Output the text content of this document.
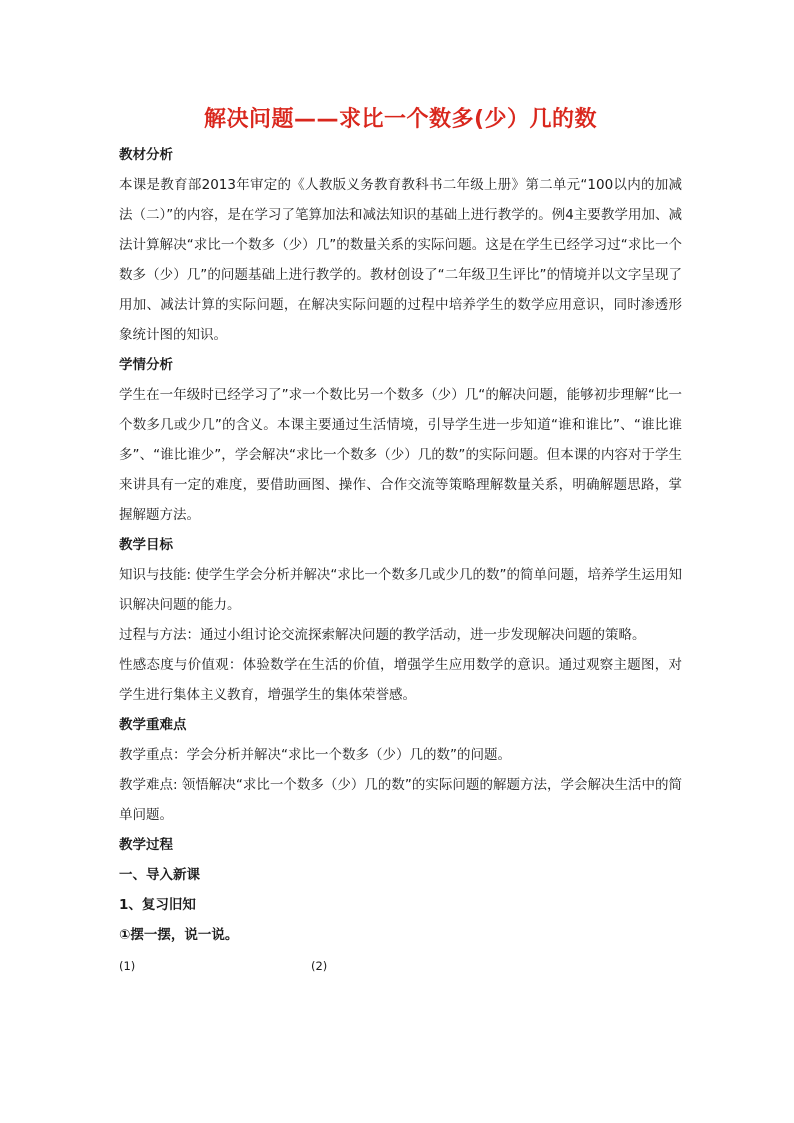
解决问题——求比一个数多(少）几的数

教材分析

本课是教育部2013年审定的《人教版义务教育教科书二年级上册》第二单元“100以内的加减法（二）”的内容，是在学习了笔算加法和减法知识的基础上进行教学的。例4主要教学用加、减法计算解决“求比一个数多（少）几”的数量关系的实际问题。这是在学生已经学习过“求比一个数多（少）几”的问题基础上进行教学的。教材创设了“二年级卫生评比”的情境并以文字呈现了用加、减法计算的实际问题，在解决实际问题的过程中培养学生的数学应用意识，同时渗透形象统计图的知识。

学情分析

学生在一年级时已经学习了”求一个数比另一个数多（少）几“的解决问题，能够初步理解“比一个数多几或少几”的含义。本课主要通过生活情境，引导学生进一步知道“谁和谁比”、“谁比谁多”、“谁比谁少”，学会解决“求比一个数多（少）几的数”的实际问题。但本课的内容对于学生来讲具有一定的难度，要借助画图、操作、合作交流等策略理解数量关系，明确解题思路，掌握解题方法。

教学目标

知识与技能: 使学生学会分析并解决“求比一个数多几或少几的数”的简单问题，培养学生运用知识解决问题的能力。

过程与方法：通过小组讨论交流探索解决问题的教学活动，进一步发现解决问题的策略。

性感态度与价值观：体验数学在生活的价值，增强学生应用数学的意识。通过观察主题图，对学生进行集体主义教育，增强学生的集体荣誉感。

教学重难点

教学重点：学会分析并解决“求比一个数多（少）几的数”的问题。

教学难点: 领悟解决“求比一个数多（少）几的数”的实际问题的解题方法，学会解决生活中的简单问题。

教学过程

一、导入新课

1、复习旧知

①摆一摆，说一说。

(1)	(2)
